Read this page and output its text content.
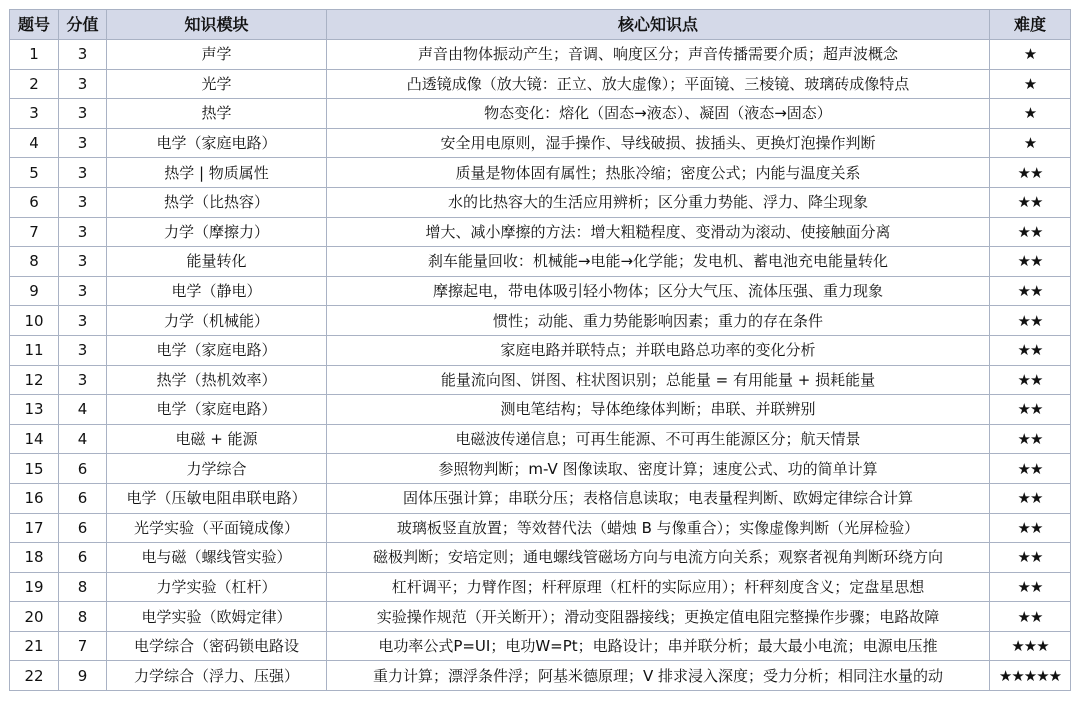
题号	分值	知识模块	核心知识点	难度
1	3	声学	声音由物体振动产生；音调、响度区分；声音传播需要介质；超声波概念	★
2	3	光学	凸透镜成像（放大镜：正立、放大虚像）；平面镜、三棱镜、玻璃砖成像特点	★
3	3	热学	物态变化：熔化（固态→液态）、凝固（液态→固态）	★
4	3	电学（家庭电路）	安全用电原则，湿手操作、导线破损、拔插头、更换灯泡操作判断	★
5	3	热学 | 物质属性	质量是物体固有属性；热胀冷缩；密度公式；内能与温度关系	★★
6	3	热学（比热容）	水的比热容大的生活应用辨析；区分重力势能、浮力、降尘现象	★★
7	3	力学（摩擦力）	增大、减小摩擦的方法：增大粗糙程度、变滑动为滚动、使接触面分离	★★
8	3	能量转化	刹车能量回收：机械能→电能→化学能；发电机、蓄电池充电能量转化	★★
9	3	电学（静电）	摩擦起电，带电体吸引轻小物体；区分大气压、流体压强、重力现象	★★
10	3	力学（机械能）	惯性；动能、重力势能影响因素；重力的存在条件	★★
11	3	电学（家庭电路）	家庭电路并联特点；并联电路总功率的变化分析	★★
12	3	热学（热机效率）	能量流向图、饼图、柱状图识别；总能量 = 有用能量 + 损耗能量	★★
13	4	电学（家庭电路）	测电笔结构；导体绝缘体判断；串联、并联辨别	★★
14	4	电磁 + 能源	电磁波传递信息；可再生能源、不可再生能源区分；航天情景	★★
15	6	力学综合	参照物判断；m-V 图像读取、密度计算；速度公式、功的简单计算	★★
16	6	电学（压敏电阻串联电路）	固体压强计算；串联分压；表格信息读取；电表量程判断、欧姆定律综合计算	★★
17	6	光学实验（平面镜成像）	玻璃板竖直放置；等效替代法（蜡烛 B 与像重合）；实像虚像判断（光屏检验）	★★
18	6	电与磁（螺线管实验）	磁极判断；安培定则；通电螺线管磁场方向与电流方向关系；观察者视角判断环绕方向	★★
19	8	力学实验（杠杆）	杠杆调平；力臂作图；杆秤原理（杠杆的实际应用）；杆秤刻度含义；定盘星思想	★★
20	8	电学实验（欧姆定律）	实验操作规范（开关断开）；滑动变阻器接线；更换定值电阻完整操作步骤；电路故障	★★
21	7	电学综合（密码锁电路设	电功率公式P=UI；电功W=Pt；电路设计；串并联分析；最大最小电流；电源电压推	★★★
22	9	力学综合（浮力、压强）	重力计算；漂浮条件浮；阿基米德原理；V 排求浸入深度；受力分析；相同注水量的动	★★★★★
